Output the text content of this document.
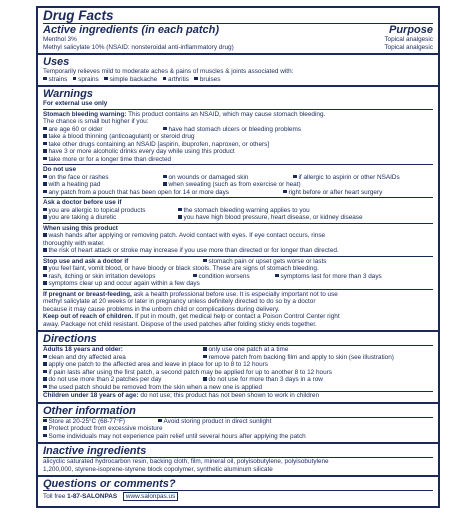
Drug Facts
Active ingredients (in each patch)	Purpose
Menthol 3%	Topical analgesic
Methyl salicylate 10% (NSAID: nonsteroidal anti-inflammatory drug)	Topical analgesic
Uses
Temporarily relieves mild to moderate aches & pains of muscles & joints associated with:
strains sprains simple backache arthritis bruises
Warnings
For external use only
Stomach bleeding warning: This product contains an NSAID, which may cause stomach bleeding.
The chance is small but higher if you:
are age 60 or older	have had stomach ulcers or bleeding problems
take a blood thinning (anticoagulant) or steroid drug
take other drugs containing an NSAID [aspirin, ibuprofen, naproxen, or others]
have 3 or more alcoholic drinks every day while using this product
take more or for a longer time than directed
Do not use
on the face or rashes	on wounds or damaged skin	if allergic to aspirin or other NSAIDs
with a heating pad	when sweating (such as from exercise or heat)
any patch from a pouch that has been open for 14 or more days	right before or after heart surgery
Ask a doctor before use if
you are allergic to topical products	the stomach bleeding warning applies to you
you are taking a diuretic	you have high blood pressure, heart disease, or kidney disease
When using this product
wash hands after applying or removing patch. Avoid contact with eyes. If eye contact occurs, rinse
thoroughly with water.
the risk of heart attack or stroke may increase if you use more than directed or for longer than directed.
Stop use and ask a doctor if	stomach pain or upset gets worse or lasts
you feel faint, vomit blood, or have bloody or black stools. These are signs of stomach bleeding.
rash, itching or skin irritation develops	condition worsens	symptoms last for more than 3 days
symptoms clear up and occur again within a few days
If pregnant or breast-feeding, ask a health professional before use. It is especially important not to use
methyl salicylate at 20 weeks or later in pregnancy unless definitely directed to do so by a doctor
because it may cause problems in the unborn child or complications during delivery.
Keep out of reach of children. If put in mouth, get medical help or contact a Poison Control Center right
away. Package not child resistant. Dispose of the used patches after folding sticky ends together.
Directions
Adults 18 years and older:	only use one patch at a time
clean and dry affected area	remove patch from backing film and apply to skin (see illustration)
apply one patch to the affected area and leave in place for up to 8 to 12 hours
if pain lasts after using the first patch, a second patch may be applied for up to another 8 to 12 hours
do not use more than 2 patches per day	do not use for more than 3 days in a row
the used patch should be removed from the skin when a new one is applied
Children under 18 years of age: do not use; this product has not been shown to work in children
Other information
Store at 20-25°C (68-77°F)	Avoid storing product in direct sunlight
Protect product from excessive moisture
Some individuals may not experience pain relief until several hours after applying the patch
Inactive ingredients
alicyclic saturated hydrocarbon resin, backing cloth, film, mineral oil, polyisobutylene, polyisobutylene
1,200,000, styrene-isoprene-styrene block copolymer, synthetic aluminum silicate
Questions or comments?
Toll free 1-87-SALONPAS www.salonpas.us
